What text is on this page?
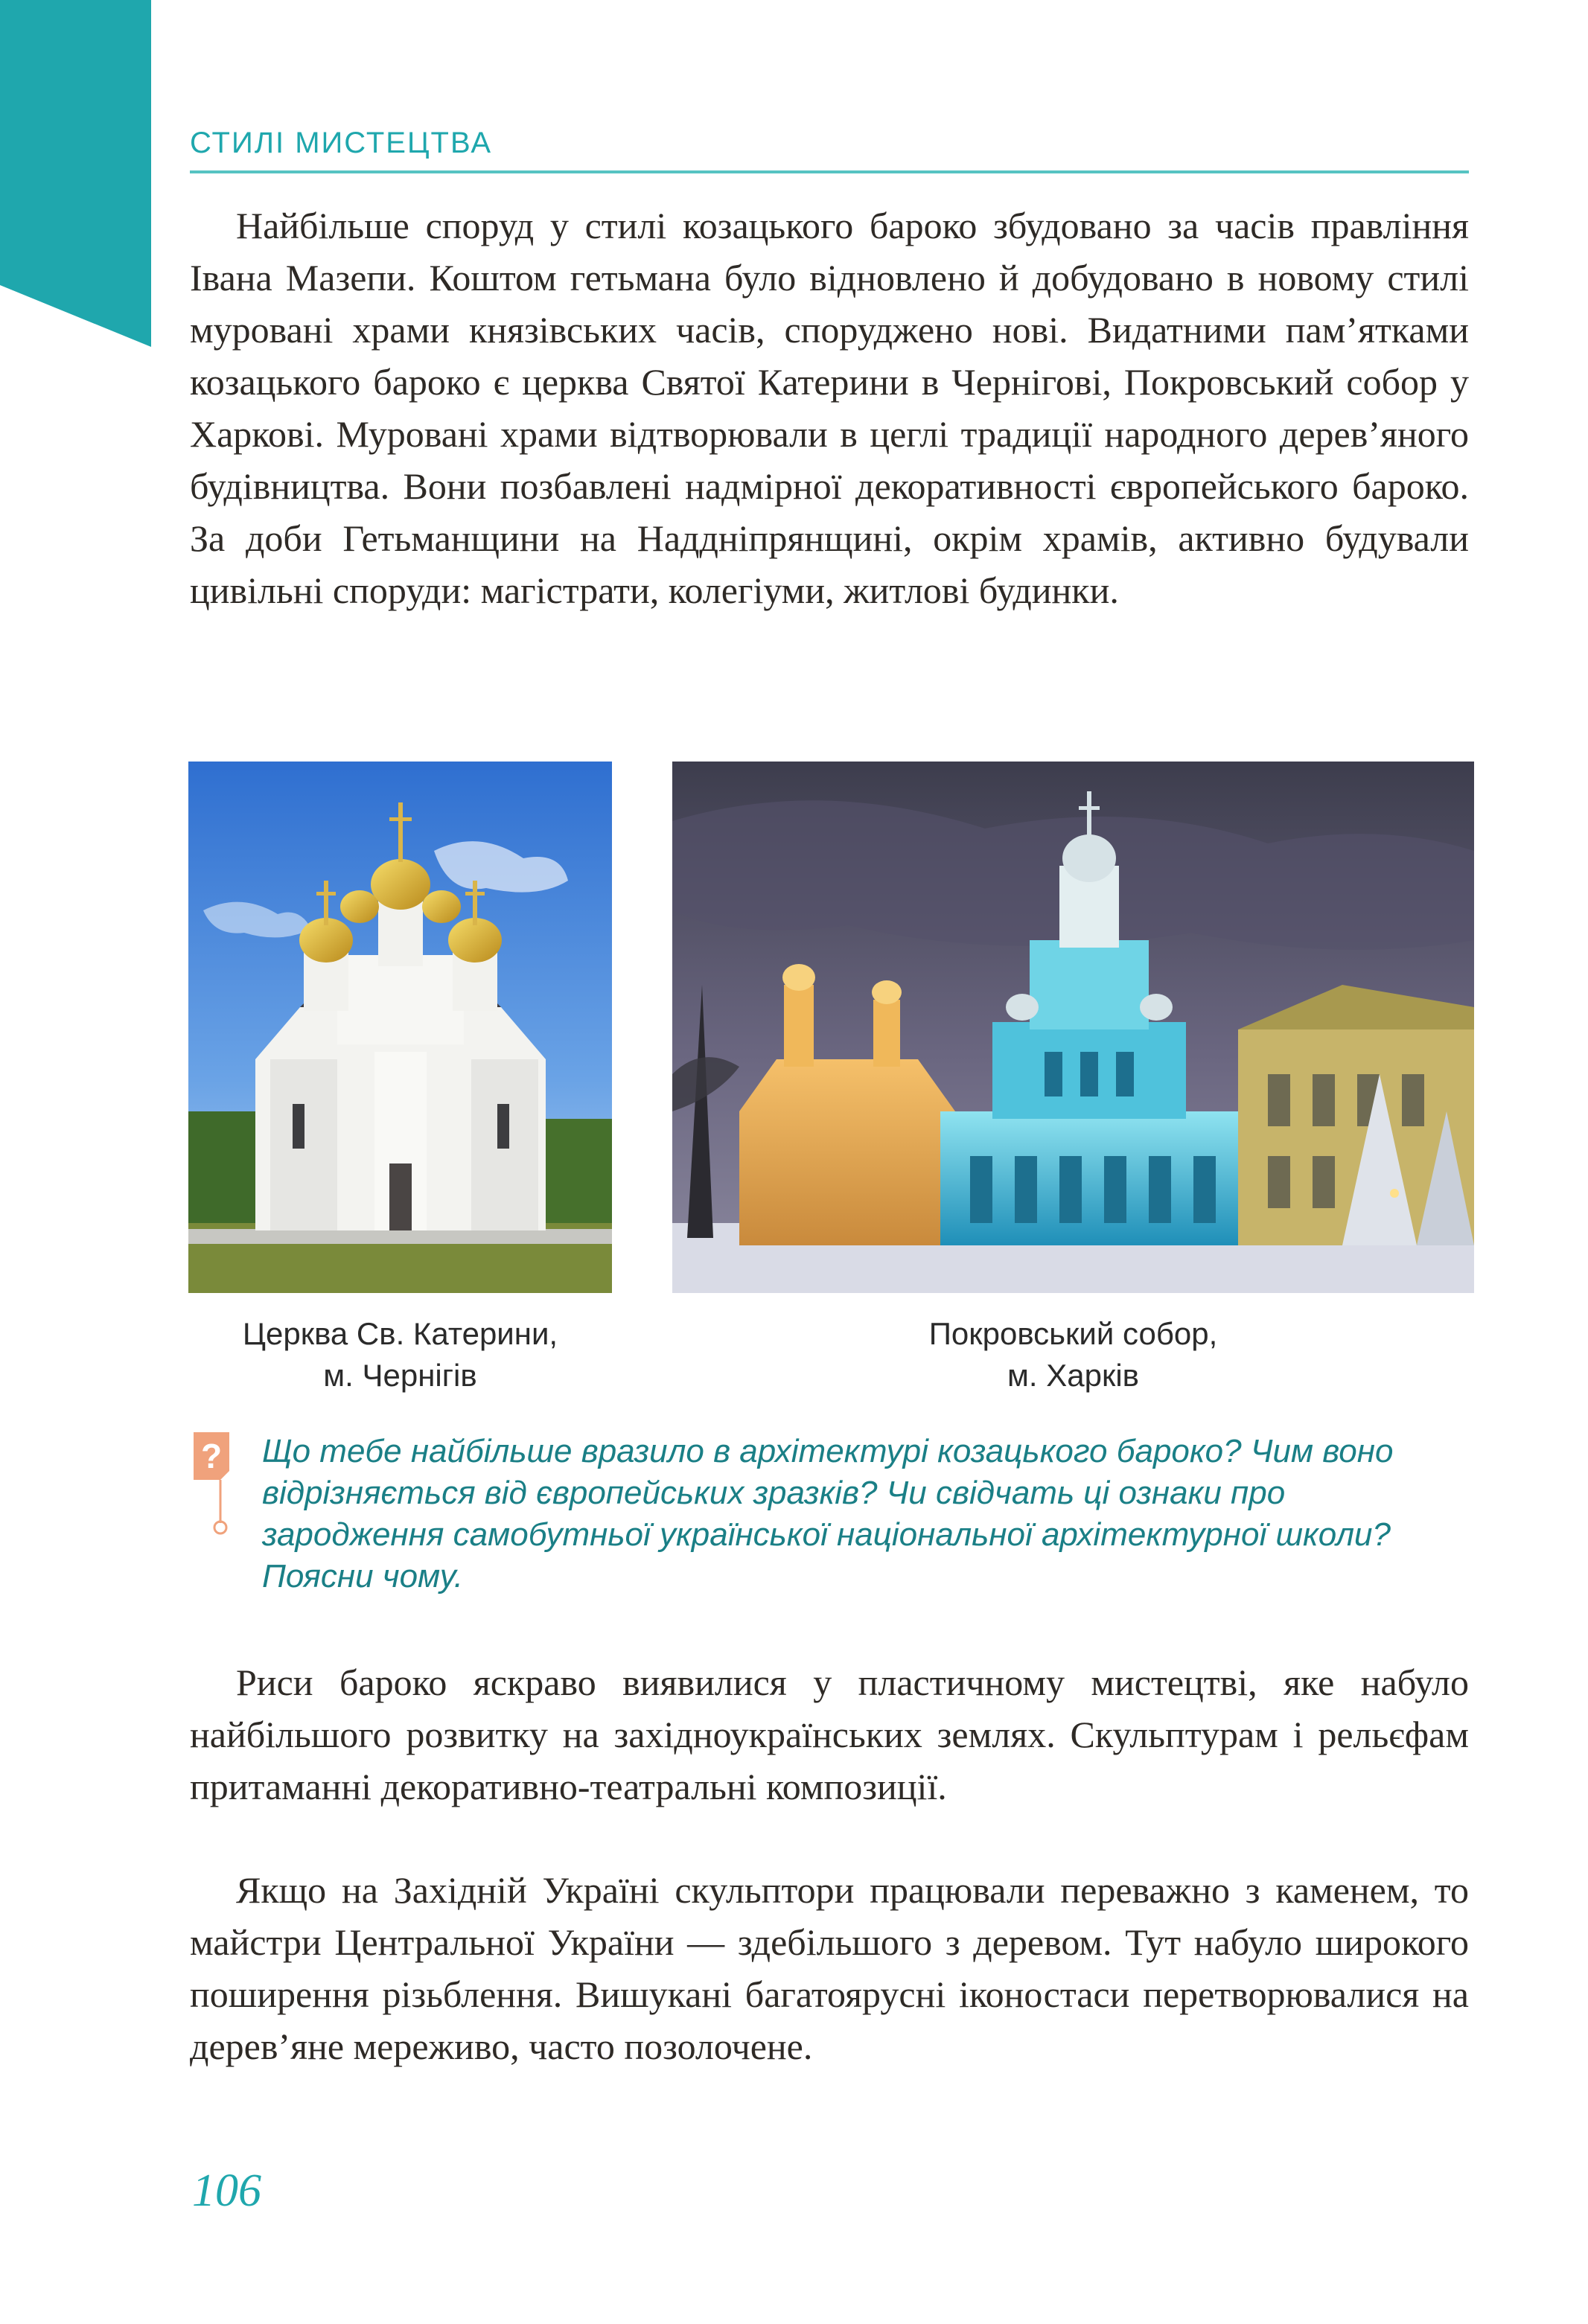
СТИЛІ МИСТЕЦТВА

Найбільше споруд у стилі козацького бароко збудовано за часів правління Івана Мазепи. Коштом гетьмана було відновлено й добудовано в новому стилі муровані храми князівських часів, споруджено нові. Видатними пам’ятками козацького бароко є церква Святої Катерини в Чернігові, Покровський собор у Харкові. Муровані храми відтворювали в цеглі традиції народного дерев’яного будівництва. Вони позбавлені надмірної декоративності європейського бароко. За доби Гетьманщини на Наддніпрянщині, окрім храмів, активно будували цивільні споруди: магістрати, колегіуми, житлові будинки.

Церква Св. Катерини,
м. Чернігів
Покровський собор,
м. Харків
? Що тебе найбільше вразило в архітектурі козацького бароко? Чим воно відрізняється від європейських зразків? Чи свідчать ці ознаки про зародження самобутньої української національної архітектурної школи? Поясни чому.

Риси бароко яскраво виявилися у пластичному мистецтві, яке набуло найбільшого розвитку на західноукраїнських землях. Скульптурам і рельєфам притаманні декоративно-театральні композиції.

Якщо на Західній Україні скульптори працювали переважно з каменем, то майстри Центральної України — здебільшого з деревом. Тут набуло широкого поширення різьблення. Вишукані багатоярусні іконостаси перетворювалися на дерев’яне мереживо, часто позолочене.

106
